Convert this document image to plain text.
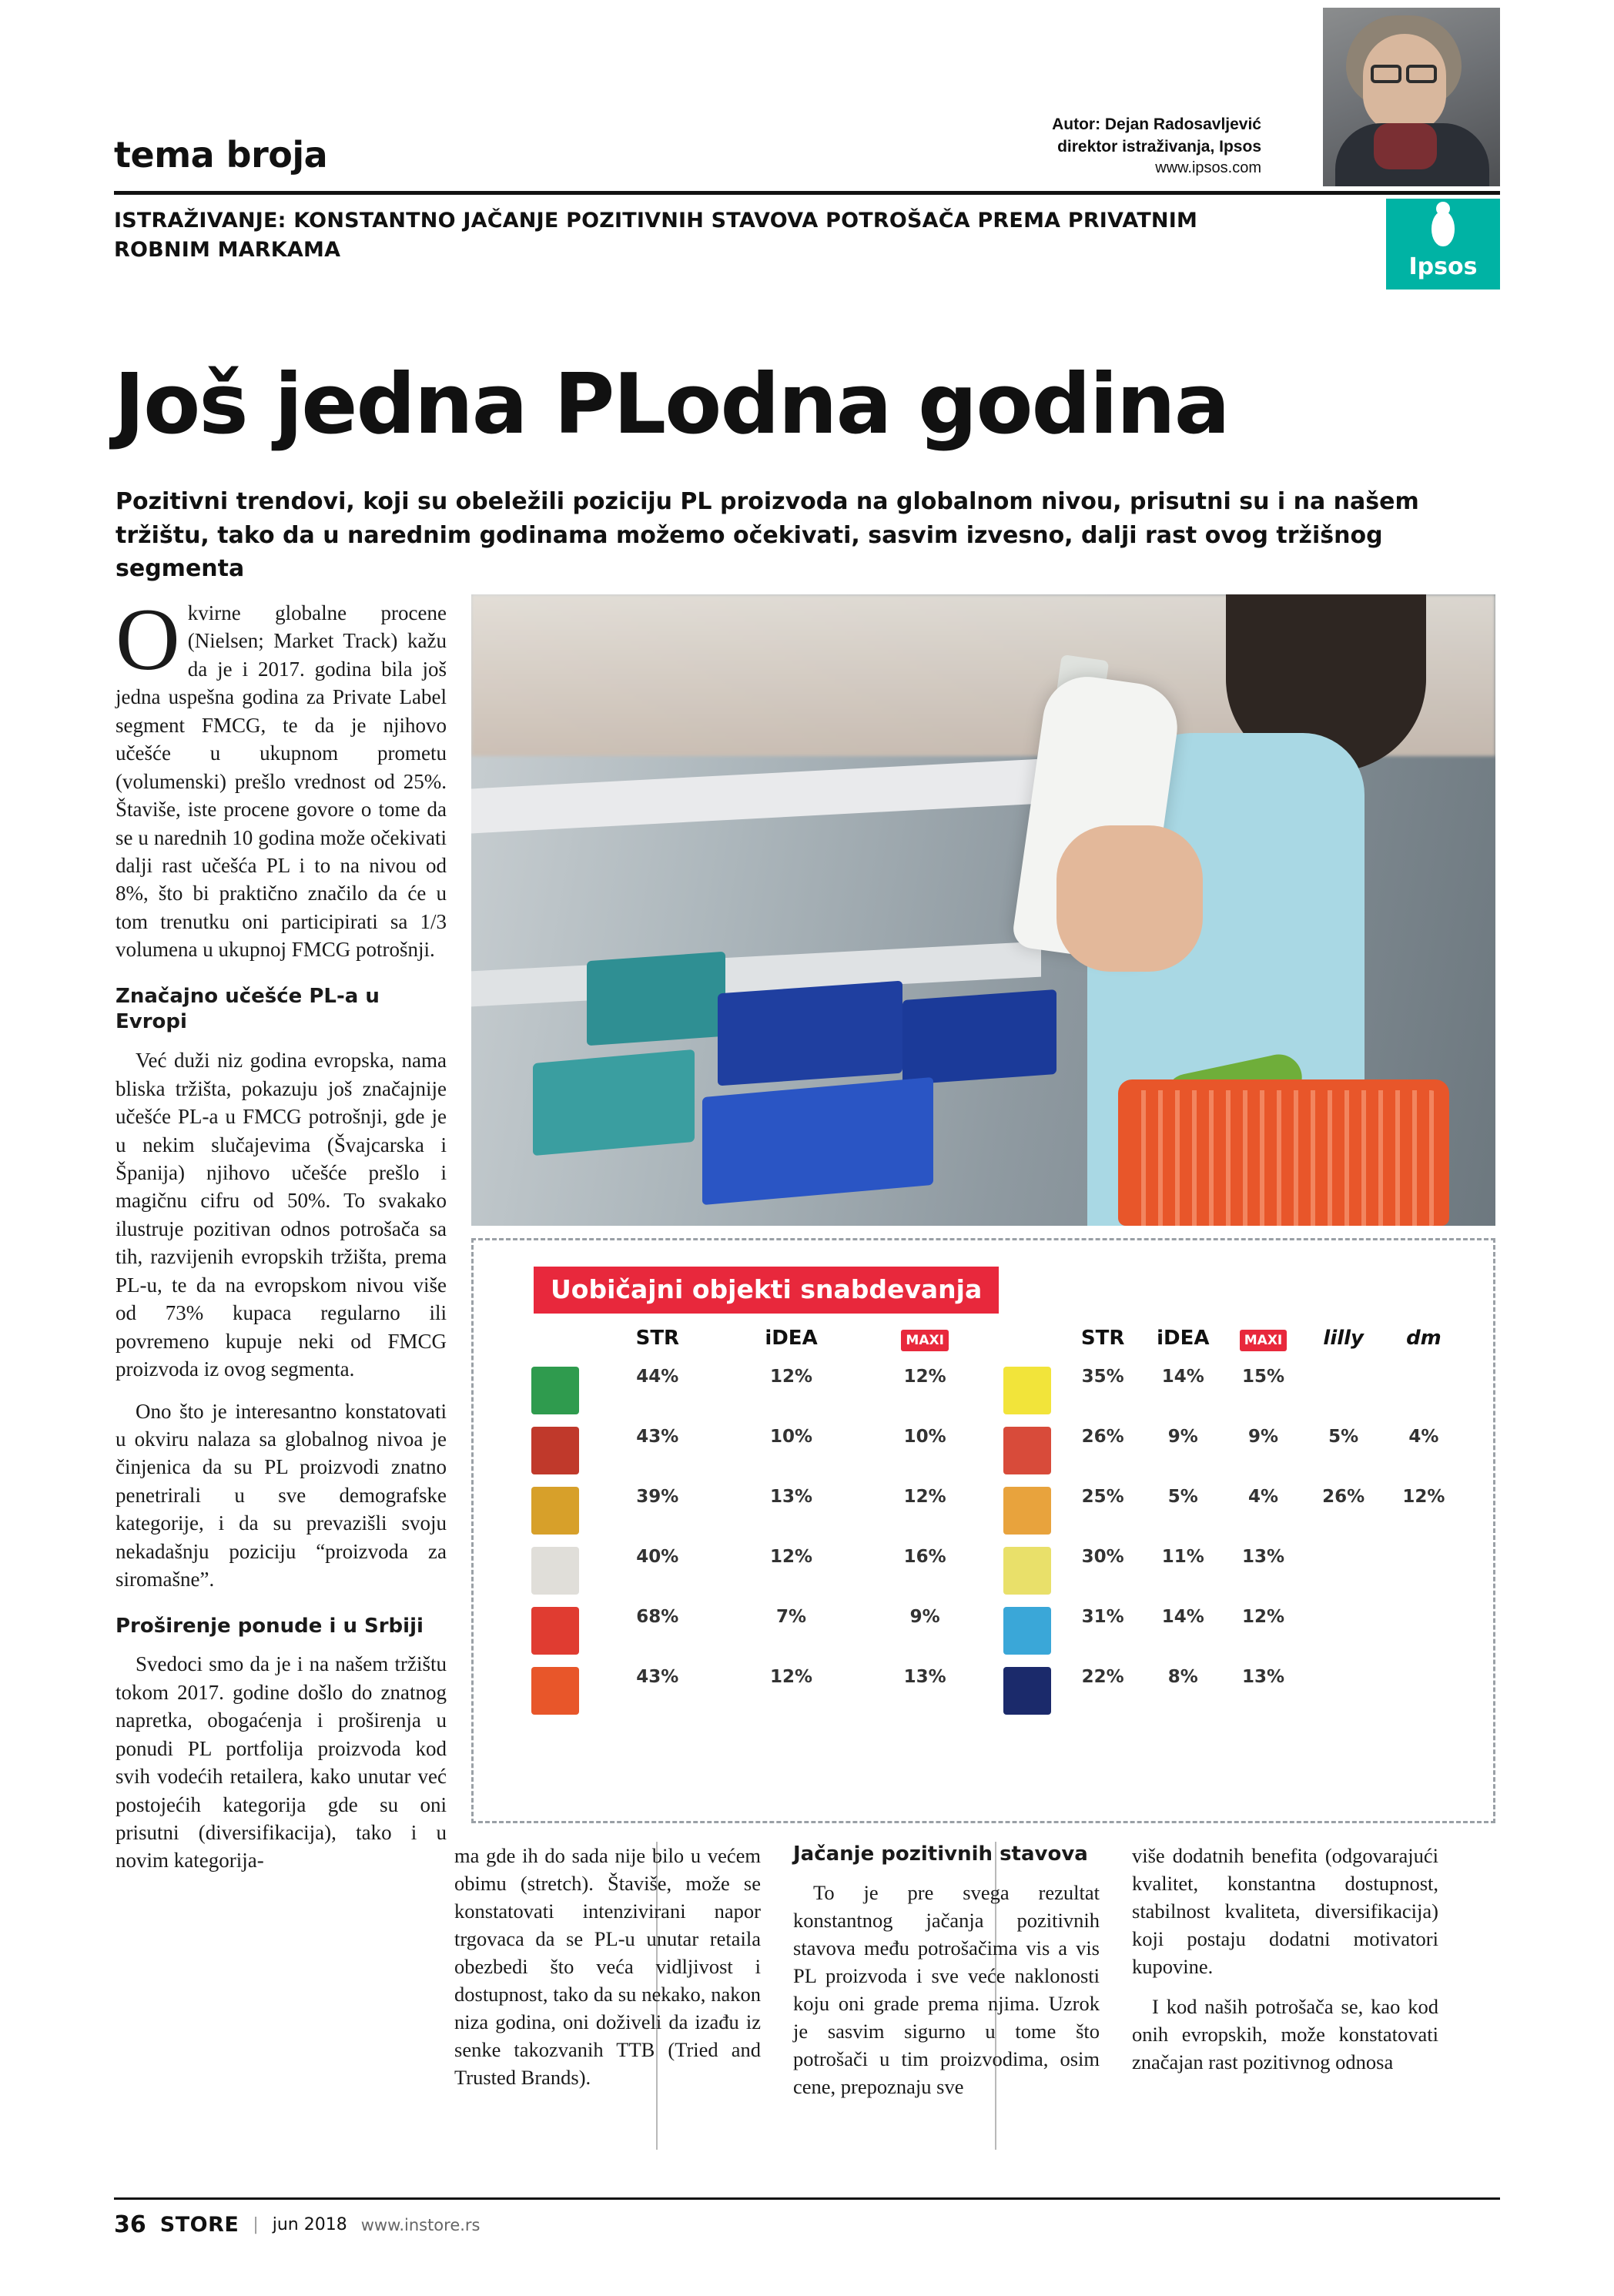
tema broja
Autor: Dejan Radosavljević
direktor istraživanja, Ipsos
www.ipsos.com
ISTRAŽIVANJE: KONSTANTNO JAČANJE POZITIVNIH STAVOVA POTROŠAČA PREMA PRIVATNIM ROBNIM MARKAMA
Ipsos
Još jedna PLodna godina
Pozitivni trendovi, koji su obeležili poziciju PL proizvoda na globalnom nivou, prisutni su i na našem tržištu, tako da u narednim godinama možemo očekivati, sasvim izvesno, dalji rast ovog tržišnog segmenta

Okvirne globalne procene (Nielsen; Market Track) kažu da je i 2017. godina bila još jedna uspešna godina za Private Label segment FMCG, te da je njihovo učešće u ukupnom prometu (volumenski) prešlo vrednost od 25%. Štaviše, iste procene govore o tome da se u narednih 10 godina može očekivati dalji rast učešća PL i to na nivou od 8%, što bi praktično značilo da će u tom trenutku oni participirati sa 1/3 volumena u ukupnoj FMCG potrošnji.

Značajno učešće PL-a u Evropi

Već duži niz godina evropska, nama bliska tržišta, pokazuju još značajnije učešće PL-a u FMCG potrošnji, gde je u nekim slučajevima (Švajcarska i Španija) njihovo učešće prešlo i magičnu cifru od 50%. To svakako ilustruje pozitivan odnos potrošača sa tih, razvijenih evropskih tržišta, prema PL-u, te da na evropskom nivou više od 73% kupaca regularno ili povremeno kupuje neki od FMCG proizvoda iz ovog segmenta.

Ono što je interesantno konstatovati u okviru nalaza sa globalnog nivoa je činjenica da su PL proizvodi znatno penetrirali u sve demografske kategorije, i da su prevazišli svoju nekadašnju poziciju “proizvoda za siromašne”.

Proširenje ponude i u Srbiji

Svedoci smo da je i na našem tržištu tokom 2017. godine došlo do znatnog napretka, obogaćenja i proširenja u ponudi PL portfolija proizvoda kod svih vodećih retailera, kako unutar već postojećih kategorija gde su oni prisutni (diversifikacija), tako i u novim kategorija-

Uobičajni objekti snabdevanja
STR	iDEA	MAXI	STR	iDEA	MAXI	lilly	dm
44%	12%	12%	35%	14%	15%
43%	10%	10%	26%	9%	9%	5%	4%
39%	13%	12%	25%	5%	4%	26%	12%
40%	12%	16%	30%	11%	13%
68%	7%	9%	31%	14%	12%
43%	12%	13%	22%	8%	13%

ma gde ih do sada nije bilo u većem obimu (stretch). Štaviše, može se konstatovati intenzivirani napor trgovaca da se PL-u unutar retaila obezbedi što veća vidljivost i dostupnost, tako da su nekako, nakon niza godina, oni doživeli da izađu iz senke takozvanih TTB (Tried and Trusted Brands).

Jačanje pozitivnih stavova

To je pre svega rezultat konstantnog jačanja pozitivnih stavova među potrošačima vis a vis PL proizvoda i sve veće naklonosti koju oni grade prema njima. Uzrok je sasvim sigurno u tome što potrošači u tim proizvodima, osim cene, prepoznaju sve

više dodatnih benefita (odgovarajući kvalitet, konstantna dostupnost, stabilnost kvaliteta, diversifikacija) koji postaju dodatni motivatori kupovine.

I kod naših potrošača se, kao kod onih evropskih, može konstatovati značajan rast pozitivnog odnosa

36 STORE | jun 2018 www.instore.rs
